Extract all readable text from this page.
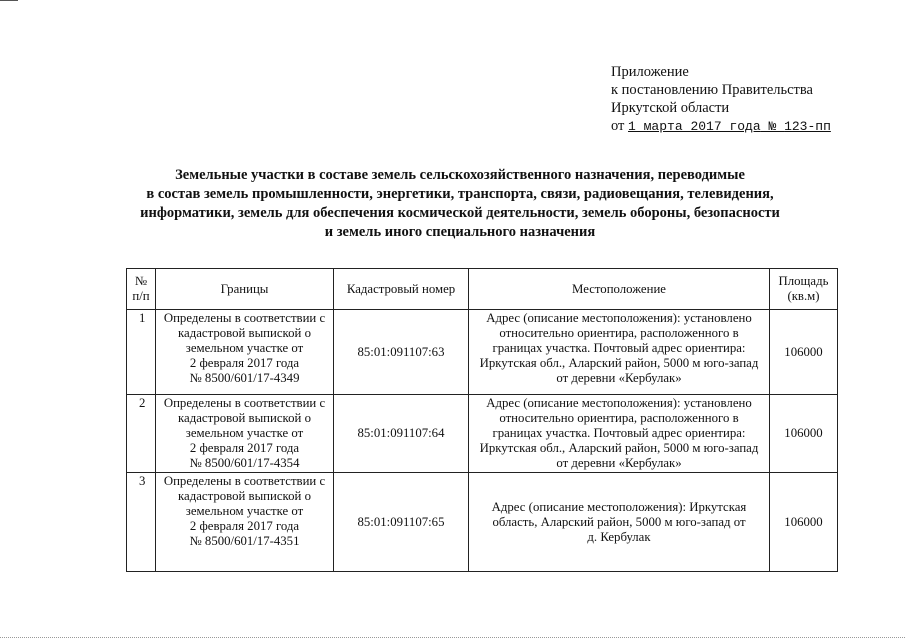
Приложение
к постановлению Правительства
Иркутской области
от 1 марта 2017 года № 123-пп
Земельные участки в составе земель сельскохозяйственного назначения, переводимые
в состав земель промышленности, энергетики, транспорта, связи, радиовещания, телевидения,
информатики, земель для обеспечения космической деятельности, земель обороны, безопасности
и земель иного специального назначения
№
п/п	Границы	Кадастровый номер	Местоположение	Площадь
(кв.м)
1	Определены в соответствии с
кадастровой выпиской о
земельном участке от
2 февраля 2017 года
№ 8500/601/17-4349	85:01:091107:63	Адрес (описание местоположения): установлено
относительно ориентира, расположенного в
границах участка. Почтовый адрес ориентира:
Иркутская обл., Аларский район, 5000 м юго-запад
от деревни «Кербулак»	106000
2	Определены в соответствии с
кадастровой выпиской о
земельном участке от
2 февраля 2017 года
№ 8500/601/17-4354	85:01:091107:64	Адрес (описание местоположения): установлено
относительно ориентира, расположенного в
границах участка. Почтовый адрес ориентира:
Иркутская обл., Аларский район, 5000 м юго-запад
от деревни «Кербулак»	106000
3	Определены в соответствии с
кадастровой выпиской о
земельном участке от
2 февраля 2017 года
№ 8500/601/17-4351	85:01:091107:65	Адрес (описание местоположения): Иркутская
область, Аларский район, 5000 м юго-запад от
д. Кербулак	106000
